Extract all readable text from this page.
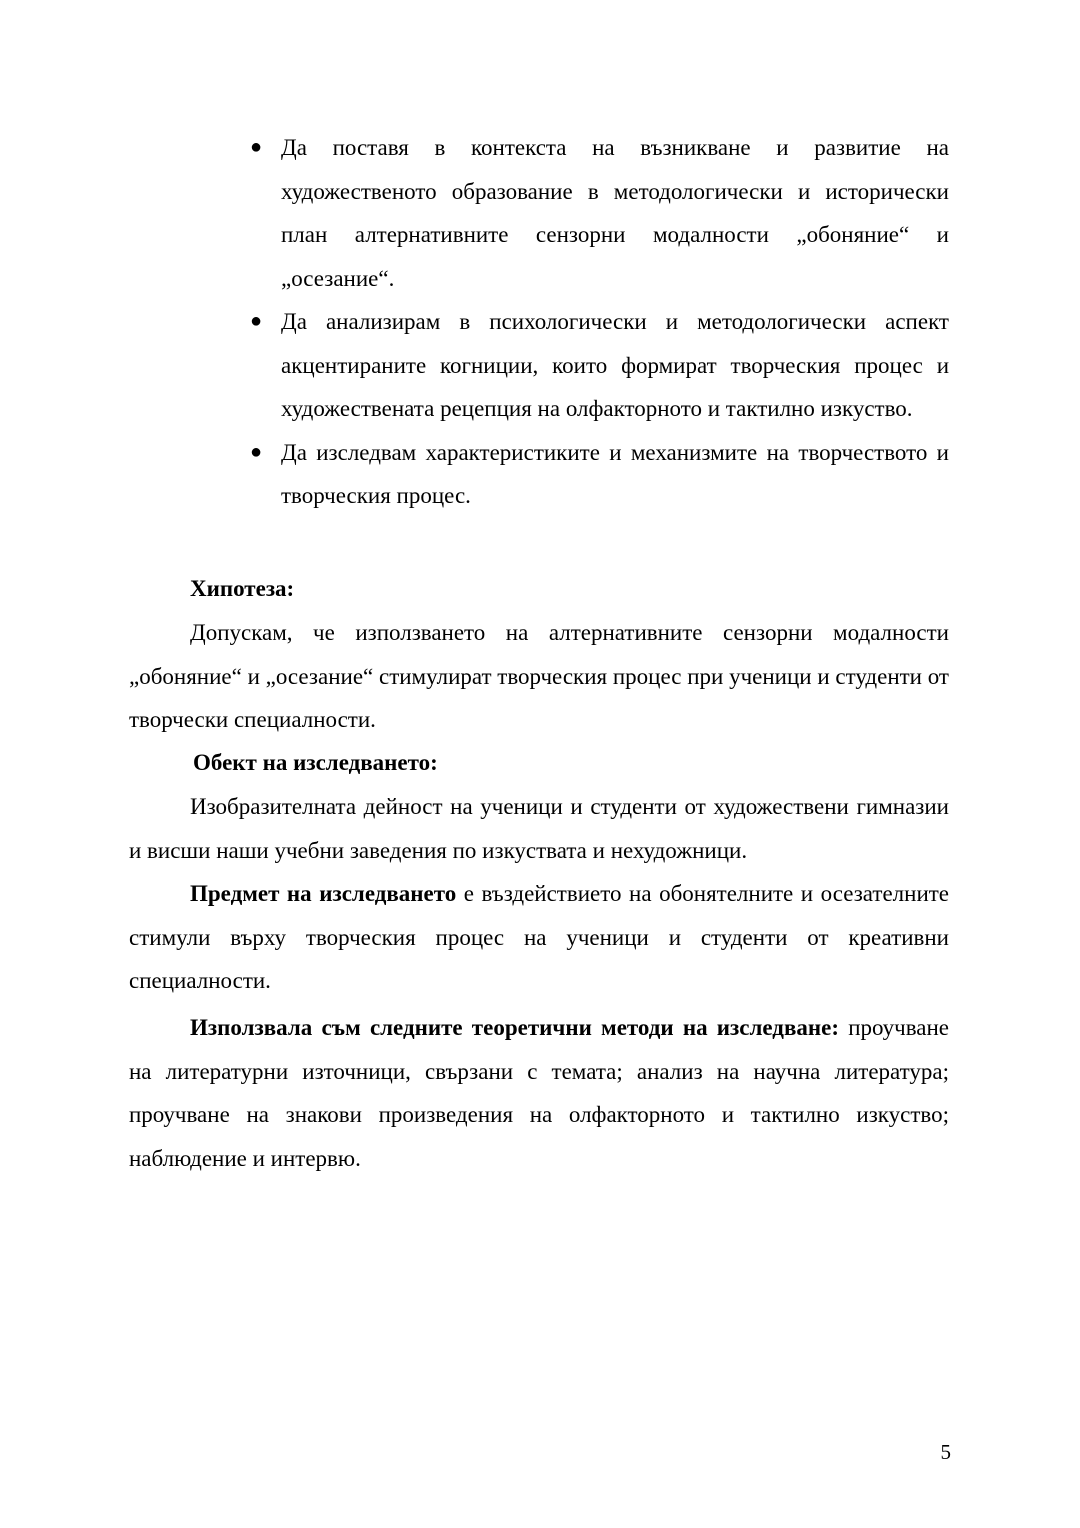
● Да поставя в контекста на възникване и развитие на художественото образование в методологически и исторически план алтернативните сензорни модалности „обоняние“ и „осезание“.
● Да анализирам в психологически и методологически аспект акцентираните когниции, които формират творческия процес и художествената рецепция на олфакторното и тактилно изкуство.
● Да изследвам характеристиките и механизмите на творчеството и творческия процес.
Хипотеза:
Допускам, че използването на алтернативните сензорни модалности „обоняние“ и „осезание“ стимулират творческия процес при ученици и студенти от творчески специалности.
Обект на изследването:
Изобразителната дейност на ученици и студенти от художествени гимназии и висши наши учебни заведения по изкуствата и нехудожници.
Предмет на изследването е въздействието на обонятелните и осезателните стимули върху творческия процес на ученици и студенти от креативни специалности.
Използвала съм следните теоретични методи на изследване: проучване на литературни източници, свързани с темата; анализ на научна литература; проучване на знакови произведения на олфакторното и тактилно изкуство; наблюдение и интервю.
5
